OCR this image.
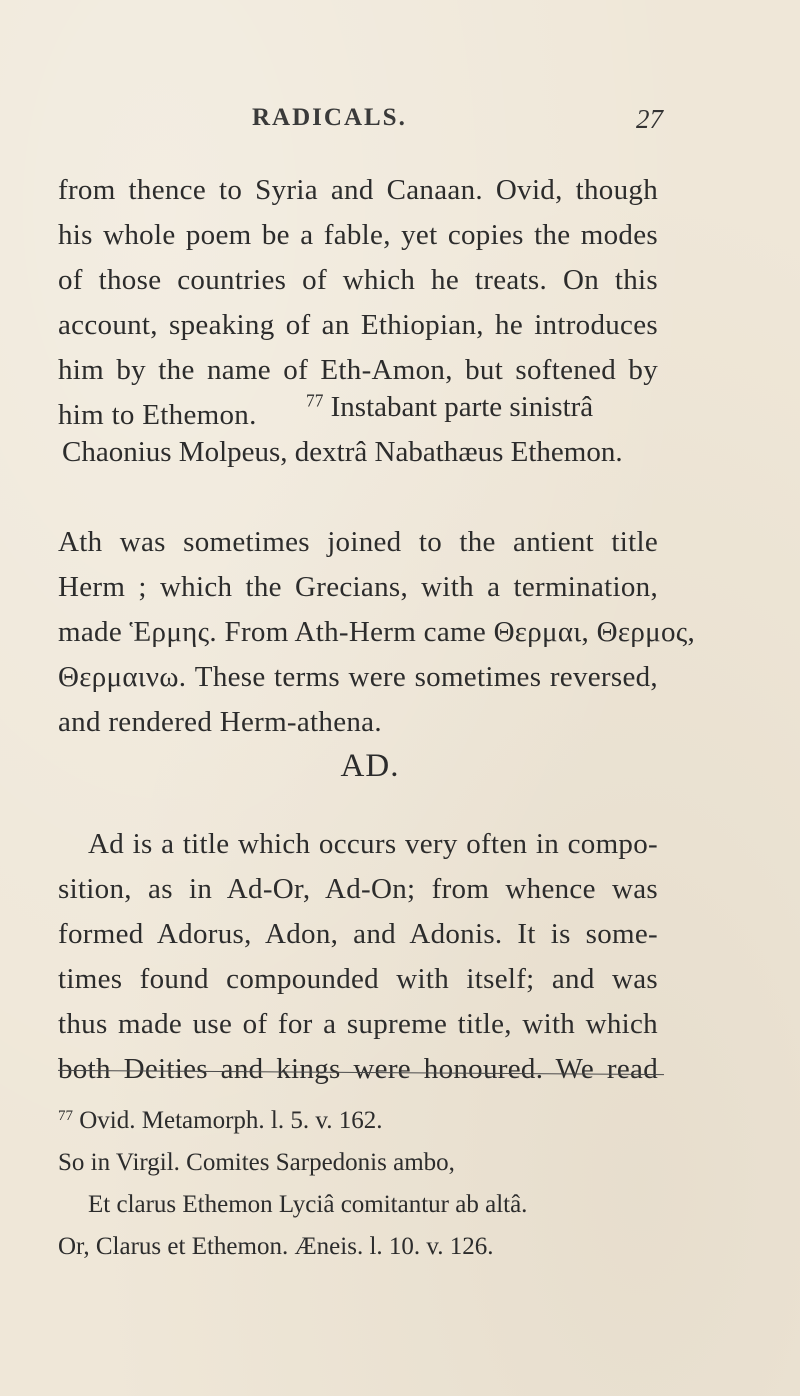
RADICALS.	27
from thence to Syria and Canaan. Ovid, though
his whole poem be a fable, yet copies the modes
of those countries of which he treats. On this
account, speaking of an Ethiopian, he introduces
him by the name of Eth-Amon, but softened by
him to Ethemon.	$^{77}$ Instabant parte sinistrâ
Chaonius Molpeus, dextrâ Nabathæus Ethemon.
Ath was sometimes joined to the antient title
Herm ; which the Grecians, with a termination,
made Ἑρμης. From Ath-Herm came Θερμαι, Θερμος,
Θερμαινω. These terms were sometimes reversed,
and rendered Herm-athena.
AD.
Ad is a title which occurs very often in compo-
sition, as in Ad-Or, Ad-On; from whence was
formed Adorus, Adon, and Adonis. It is some-
times found compounded with itself; and was
thus made use of for a supreme title, with which
both Deities and kings were honoured. We read
$^{77}$ Ovid. Metamorph. l. 5. v. 162.
So in Virgil. Comites Sarpedonis ambo,
Et clarus Ethemon Lyciâ comitantur ab altâ.
Or, Clarus et Ethemon. Æneis. l. 10. v. 126.
